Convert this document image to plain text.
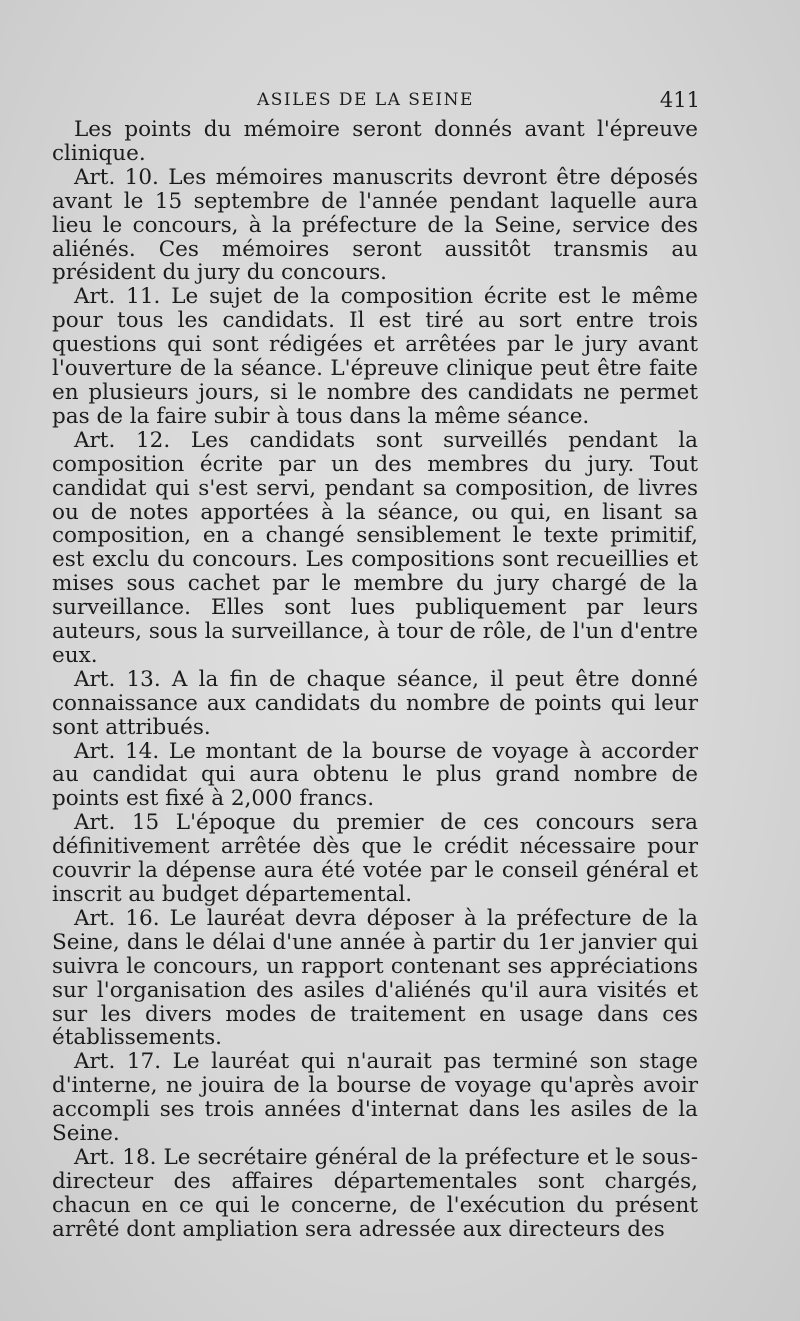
ASILES DE LA SEINE	411

Les points du mémoire seront donnés avant l'épreuve clinique.

Art. 10. Les mémoires manuscrits devront être déposés avant le 15 septembre de l'année pendant laquelle aura lieu le concours, à la préfecture de la Seine, service des aliénés. Ces mémoires seront aussitôt transmis au président du jury du concours.

Art. 11. Le sujet de la composition écrite est le même pour tous les candidats. Il est tiré au sort entre trois questions qui sont rédigées et arrêtées par le jury avant l'ouverture de la séance. L'épreuve clinique peut être faite en plusieurs jours, si le nombre des candidats ne permet pas de la faire subir à tous dans la même séance.

Art. 12. Les candidats sont surveillés pendant la composition écrite par un des membres du jury. Tout candidat qui s'est servi, pendant sa composition, de livres ou de notes apportées à la séance, ou qui, en lisant sa composition, en a changé sensiblement le texte primitif, est exclu du concours. Les compositions sont recueillies et mises sous cachet par le membre du jury chargé de la surveillance. Elles sont lues publiquement par leurs auteurs, sous la surveillance, à tour de rôle, de l'un d'entre eux.

Art. 13. A la fin de chaque séance, il peut être donné connaissance aux candidats du nombre de points qui leur sont attribués.

Art. 14. Le montant de la bourse de voyage à accorder au candidat qui aura obtenu le plus grand nombre de points est fixé à 2,000 francs.

Art. 15 L'époque du premier de ces concours sera définitivement arrêtée dès que le crédit nécessaire pour couvrir la dépense aura été votée par le conseil général et inscrit au budget départemental.

Art. 16. Le lauréat devra déposer à la préfecture de la Seine, dans le délai d'une année à partir du 1er janvier qui suivra le concours, un rapport contenant ses appréciations sur l'organisation des asiles d'aliénés qu'il aura visités et sur les divers modes de traitement en usage dans ces établissements.

Art. 17. Le lauréat qui n'aurait pas terminé son stage d'interne, ne jouira de la bourse de voyage qu'après avoir accompli ses trois années d'internat dans les asiles de la Seine.

Art. 18. Le secrétaire général de la préfecture et le sous-directeur des affaires départementales sont chargés, chacun en ce qui le concerne, de l'exécution du présent arrêté dont ampliation sera adressée aux directeurs des
